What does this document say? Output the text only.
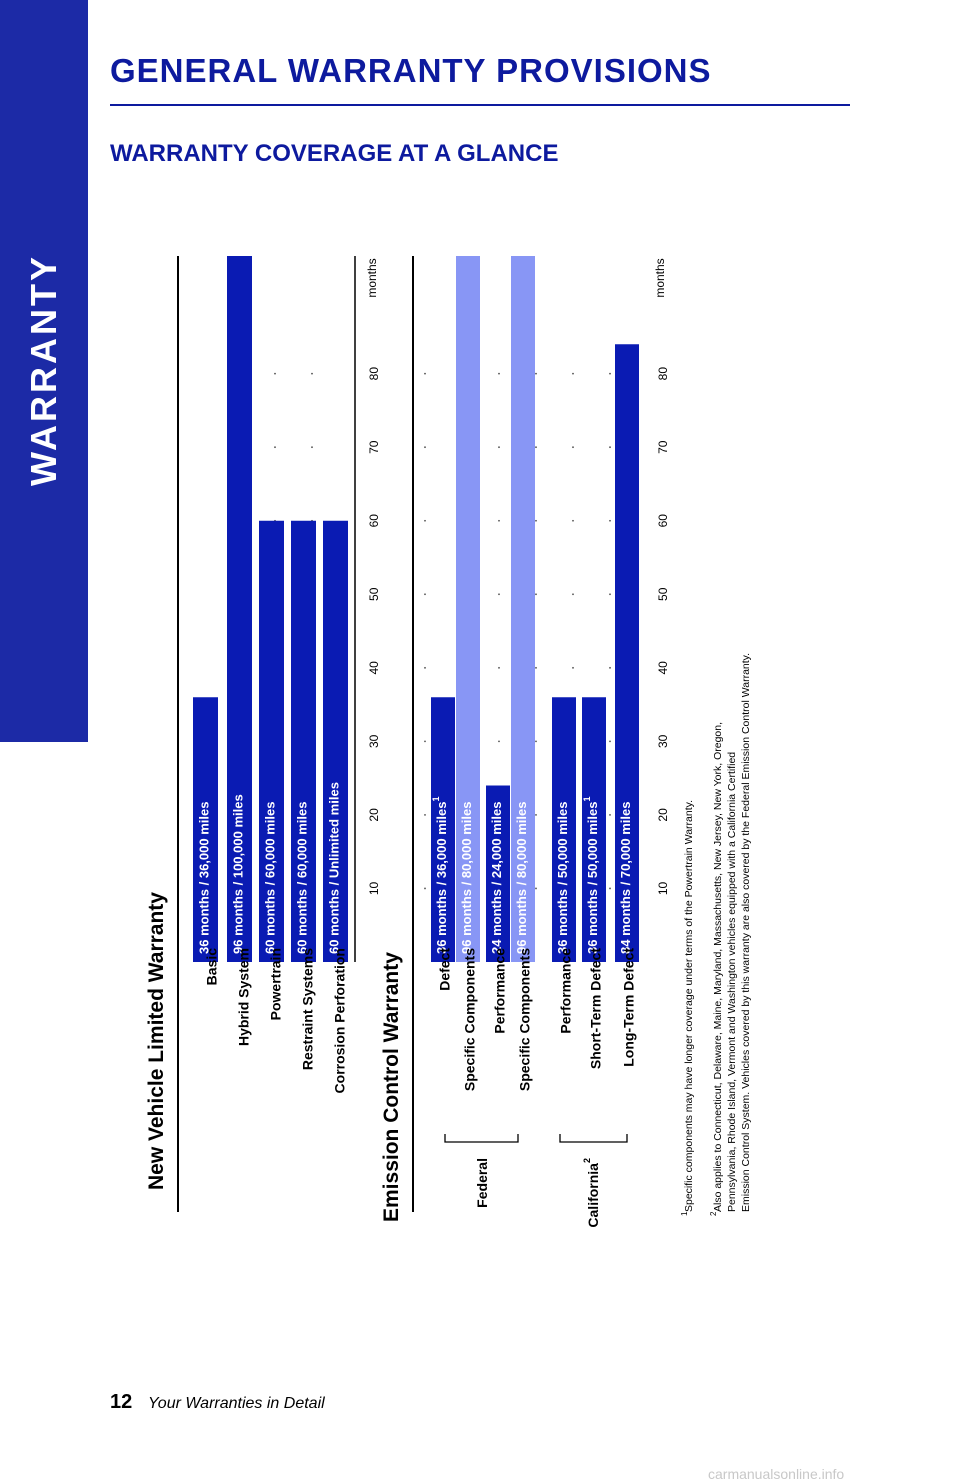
WARRANTY
GENERAL WARRANTY PROVISIONS
WARRANTY COVERAGE AT A GLANCE
New Vehicle Limited Warranty
10
20
30
40
50
60
70
80
months
36 months / 36,000 miles
Basic
96 months / 100,000 miles
Hybrid System
60 months / 60,000 miles
Powertrain
60 months / 60,000 miles
Restraint Systems
60 months / Unlimited miles
Corrosion Perforation Emission Control Warranty
10
20
30
40
50
60
70
80
months
36 months / 36,000 miles$^1$
Defect
96 months / 80,000 miles
Specific Components
24 months / 24,000 miles
Performance
96 months / 80,000 miles
Specific Components
36 months / 50,000 miles
Performance
36 months / 50,000 miles$^1$
Short-Term Defect
84 months / 70,000 miles
Long-Term Defect
Federal	California$^2$	Specific components may have longer coverage under terms of the Powertrain Warranty.
1
Also applies to Connecticut, Delaware, Maine, Maryland, Massachusetts, New Jersey, New York, Oregon,
2
Pennsylvania, Rhode Island, Vermont and Washington vehicles equipped with a California Certified Emission Control System. Vehicles covered by this warranty are also covered by the Federal Emission Control Warranty.
12 Your Warranties in Detail
carmanualsonline.info
